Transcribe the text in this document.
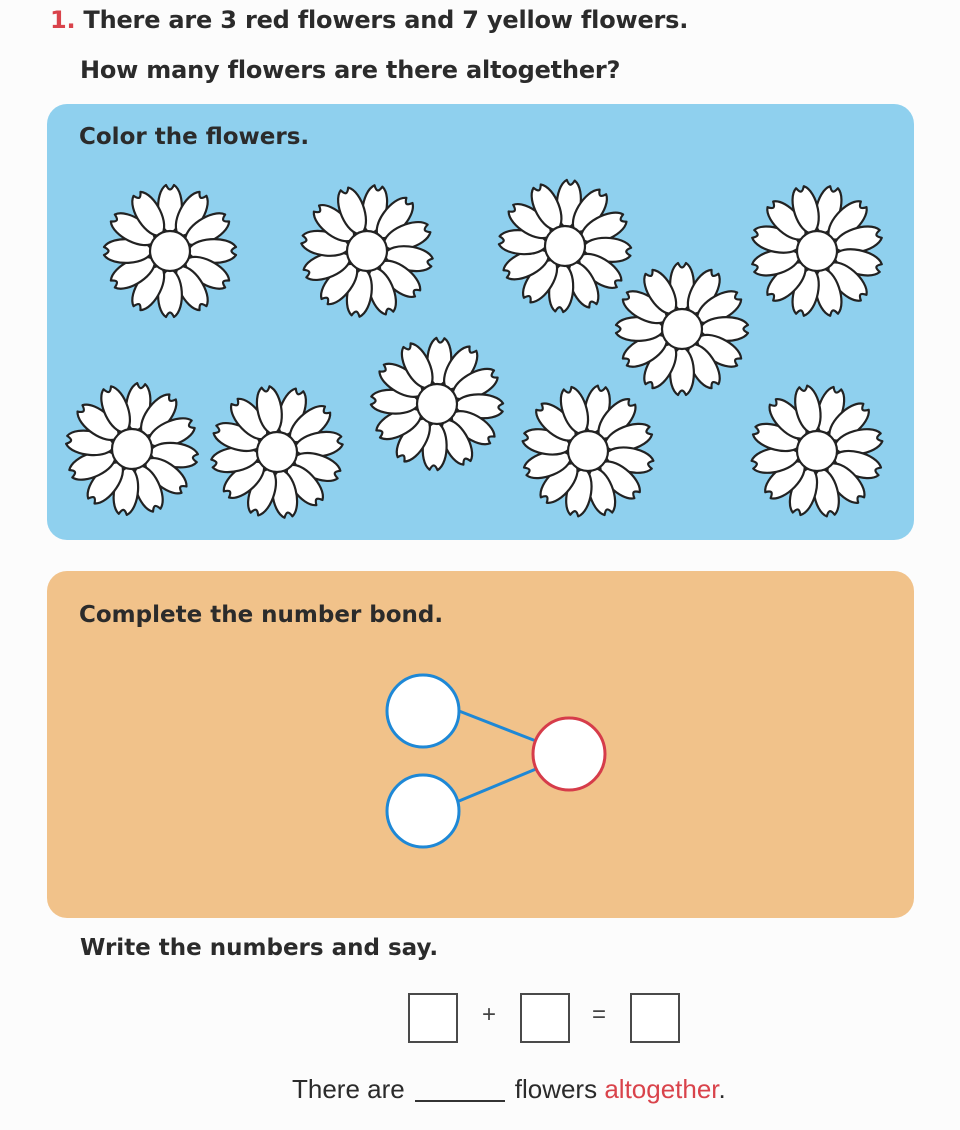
1. There are 3 red flowers and 7 yellow flowers.
How many flowers are there altogether?
Color the flowers.
Complete the number bond.
Write the numbers and say.
+	=
There are	flowers altogether.
